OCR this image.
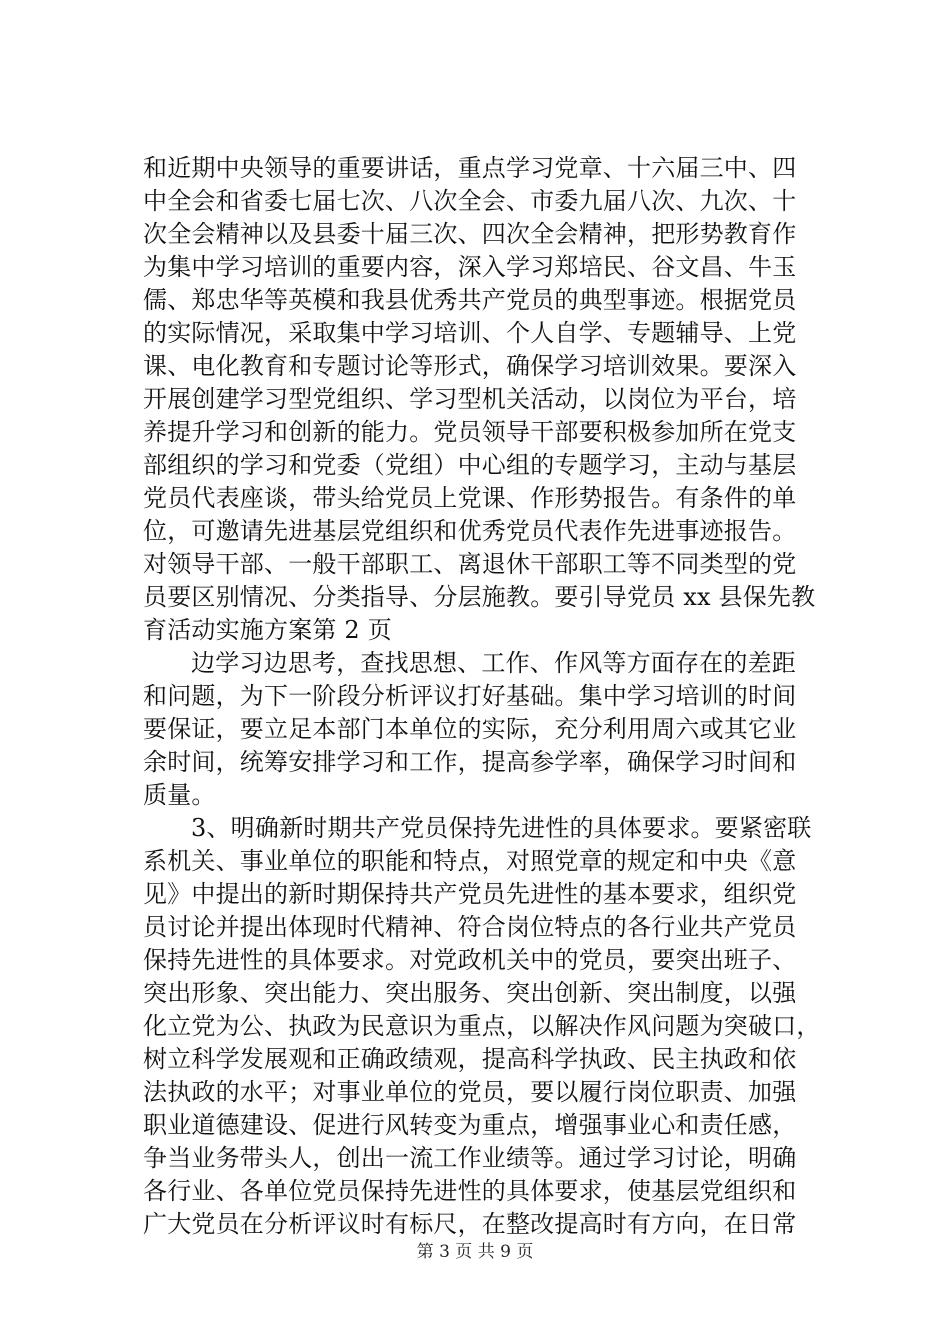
和近期中央领导的重要讲话，重点学习党章、十六届三中、四
中全会和省委七届七次、八次全会、市委九届八次、九次、十
次全会精神以及县委十届三次、四次全会精神，把形势教育作
为集中学习培训的重要内容，深入学习郑培民、谷文昌、牛玉
儒、郑忠华等英模和我县优秀共产党员的典型事迹。根据党员
的实际情况，采取集中学习培训、个人自学、专题辅导、上党
课、电化教育和专题讨论等形式，确保学习培训效果。要深入
开展创建学习型党组织、学习型机关活动，以岗位为平台，培
养提升学习和创新的能力。党员领导干部要积极参加所在党支
部组织的学习和党委（党组）中心组的专题学习，主动与基层
党员代表座谈，带头给党员上党课、作形势报告。有条件的单
位，可邀请先进基层党组织和优秀党员代表作先进事迹报告。
对领导干部、一般干部职工、离退休干部职工等不同类型的党
员要区别情况、分类指导、分层施教。要引导党员 xx 县保先教
育活动实施方案第 2 页
边学习边思考，查找思想、工作、作风等方面存在的差距
和问题，为下一阶段分析评议打好基础。集中学习培训的时间
要保证，要立足本部门本单位的实际，充分利用周六或其它业
余时间，统筹安排学习和工作，提高参学率，确保学习时间和
质量。
3、明确新时期共产党员保持先进性的具体要求。要紧密联
系机关、事业单位的职能和特点，对照党章的规定和中央《意
见》中提出的新时期保持共产党员先进性的基本要求，组织党
员讨论并提出体现时代精神、符合岗位特点的各行业共产党员
保持先进性的具体要求。对党政机关中的党员，要突出班子、
突出形象、突出能力、突出服务、突出创新、突出制度，以强
化立党为公、执政为民意识为重点，以解决作风问题为突破口，
树立科学发展观和正确政绩观，提高科学执政、民主执政和依
法执政的水平；对事业单位的党员，要以履行岗位职责、加强
职业道德建设、促进行风转变为重点，增强事业心和责任感，
争当业务带头人，创出一流工作业绩等。通过学习讨论，明确
各行业、各单位党员保持先进性的具体要求，使基层党组织和
广大党员在分析评议时有标尺，在整改提高时有方向，在日常
第 3 页 共 9 页
